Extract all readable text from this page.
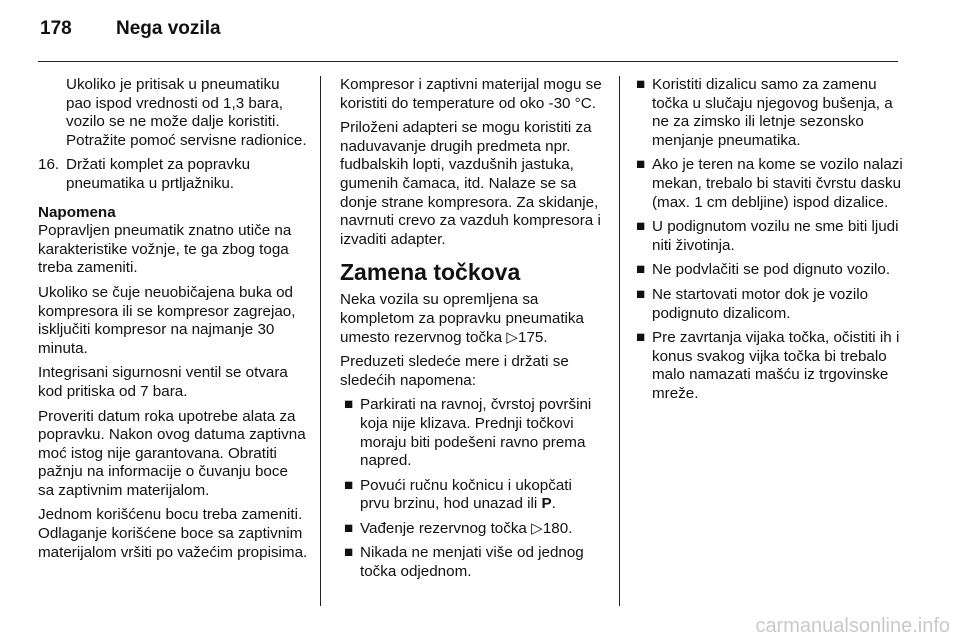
178 Nega vozila

Ukoliko je pritisak u pneumatiku pao ispod vrednosti od 1,3 bara, vozilo se ne može dalje koristiti. Potražite pomoć servisne radionice.

16. Držati komplet za popravku pneumatika u prtljažniku.
Napomena

Popravljen pneumatik znatno utiče na karakteristike vožnje, te ga zbog toga treba zameniti.

Ukoliko se čuje neuobičajena buka od kompresora ili se kompresor zagrejao, isključiti kompresor na najmanje 30 minuta.

Integrisani sigurnosni ventil se otvara kod pritiska od 7 bara.

Proveriti datum roka upotrebe alata za popravku. Nakon ovog datuma zaptivna moć istog nije garantovana. Obratiti pažnju na informacije o čuvanju boce sa zaptivnim materijalom.

Jednom korišćenu bocu treba zameniti. Odlaganje korišćene boce sa zaptivnim materijalom vršiti po važećim propisima.

Kompresor i zaptivni materijal mogu se koristiti do temperature od oko -30 °C.

Priloženi adapteri se mogu koristiti za naduvavanje drugih predmeta npr. fudbalskih lopti, vazdušnih jastuka, gumenih čamaca, itd. Nalaze se sa donje strane kompresora. Za skidanje, navrnuti crevo za vazduh kompresora i izvaditi adapter.

Zamena točkova

Neka vozila su opremljena sa kompletom za popravku pneumatika umesto rezervnog točka ▷ 175.

Preduzeti sledeće mere i držati se sledećih napomena:

■ Parkirati na ravnoj, čvrstoj površini koja nije klizava. Prednji točkovi moraju biti podešeni ravno prema napred.
■ Povući ručnu kočnicu i ukopčati prvu brzinu, hod unazad ili P.
■ Vađenje rezervnog točka ▷ 180.
■ Nikada ne menjati više od jednog točka odjednom.
■ Koristiti dizalicu samo za zamenu točka u slučaju njegovog bušenja, a ne za zimsko ili letnje sezonsko menjanje pneumatika.
■ Ako je teren na kome se vozilo nalazi mekan, trebalo bi staviti čvrstu dasku (max. 1 cm debljine) ispod dizalice.
■ U podignutom vozilu ne sme biti ljudi niti životinja.
■ Ne podvlačiti se pod dignuto vozilo.
■ Ne startovati motor dok je vozilo podignuto dizalicom.
■ Pre zavrtanja vijaka točka, očistiti ih i konus svakog vijka točka bi trebalo malo namazati mašću iz trgovinske mreže.
carmanualsonline.info
